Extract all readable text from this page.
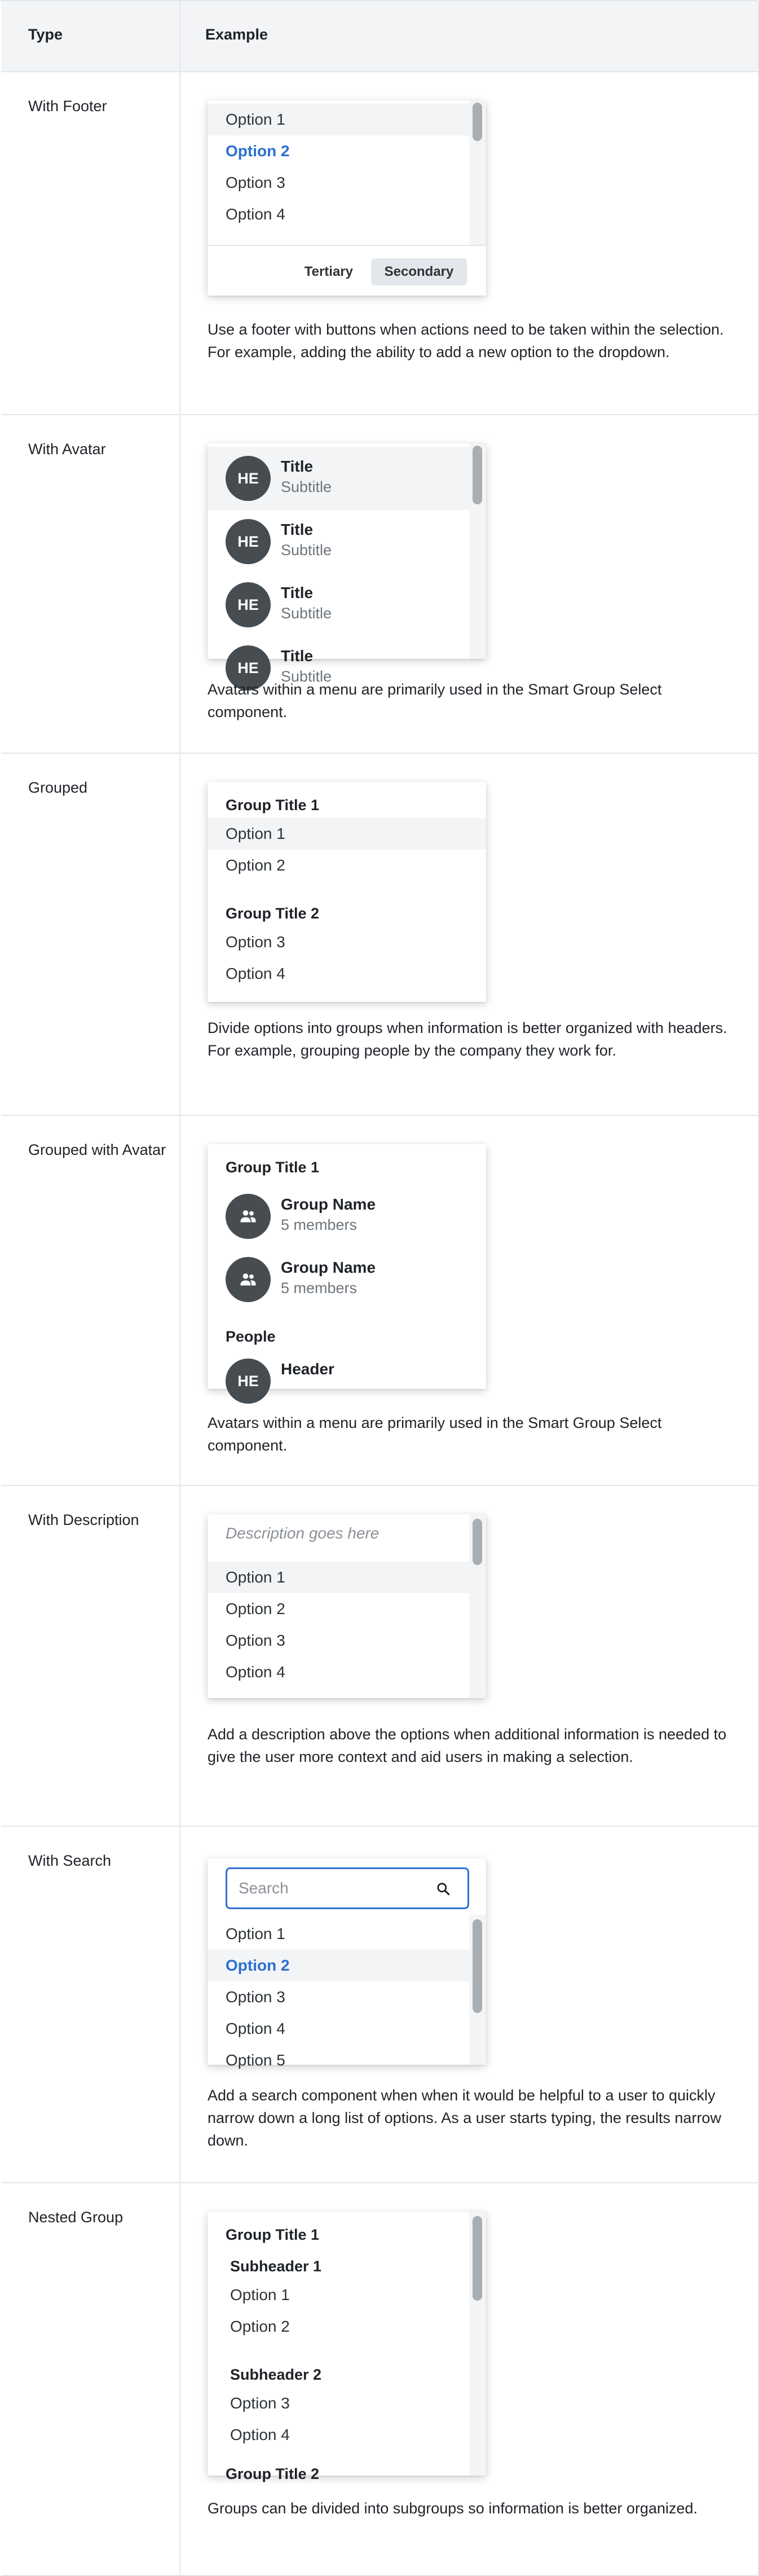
Type	Example
With Footer
Option 1
Option 2
Option 3
Option 4
Tertiary	Secondary
Use a footer with buttons when actions need to be taken within the selection. For example, adding the ability to add a new option to the dropdown.
With Avatar
HE
Title
Subtitle
HE
Title
Subtitle
HE
Title
Subtitle
HE
Title
Subtitle
Avatars within a menu are primarily used in the Smart Group Select component.
Grouped
Group Title 1
Option 1
Option 2
Group Title 2
Option 3
Option 4
Divide options into groups when information is better organized with headers. For example, grouping people by the company they work for.
Grouped with Avatar
Group Title 1
Group Name
5 members
Group Name
5 members
People
HE
Header
Avatars within a menu are primarily used in the Smart Group Select component.
With Description
Description goes here
Option 1
Option 2
Option 3
Option 4
Add a description above the options when additional information is needed to give the user more context and aid users in making a selection.
With Search
Search
Option 1
Option 2
Option 3
Option 4
Option 5
Add a search component when when it would be helpful to a user to quickly narrow down a long list of options. As a user starts typing, the results narrow down.
Nested Group
Group Title 1
Subheader 1
Option 1
Option 2
Subheader 2
Option 3
Option 4
Group Title 2
Groups can be divided into subgroups so information is better organized.
